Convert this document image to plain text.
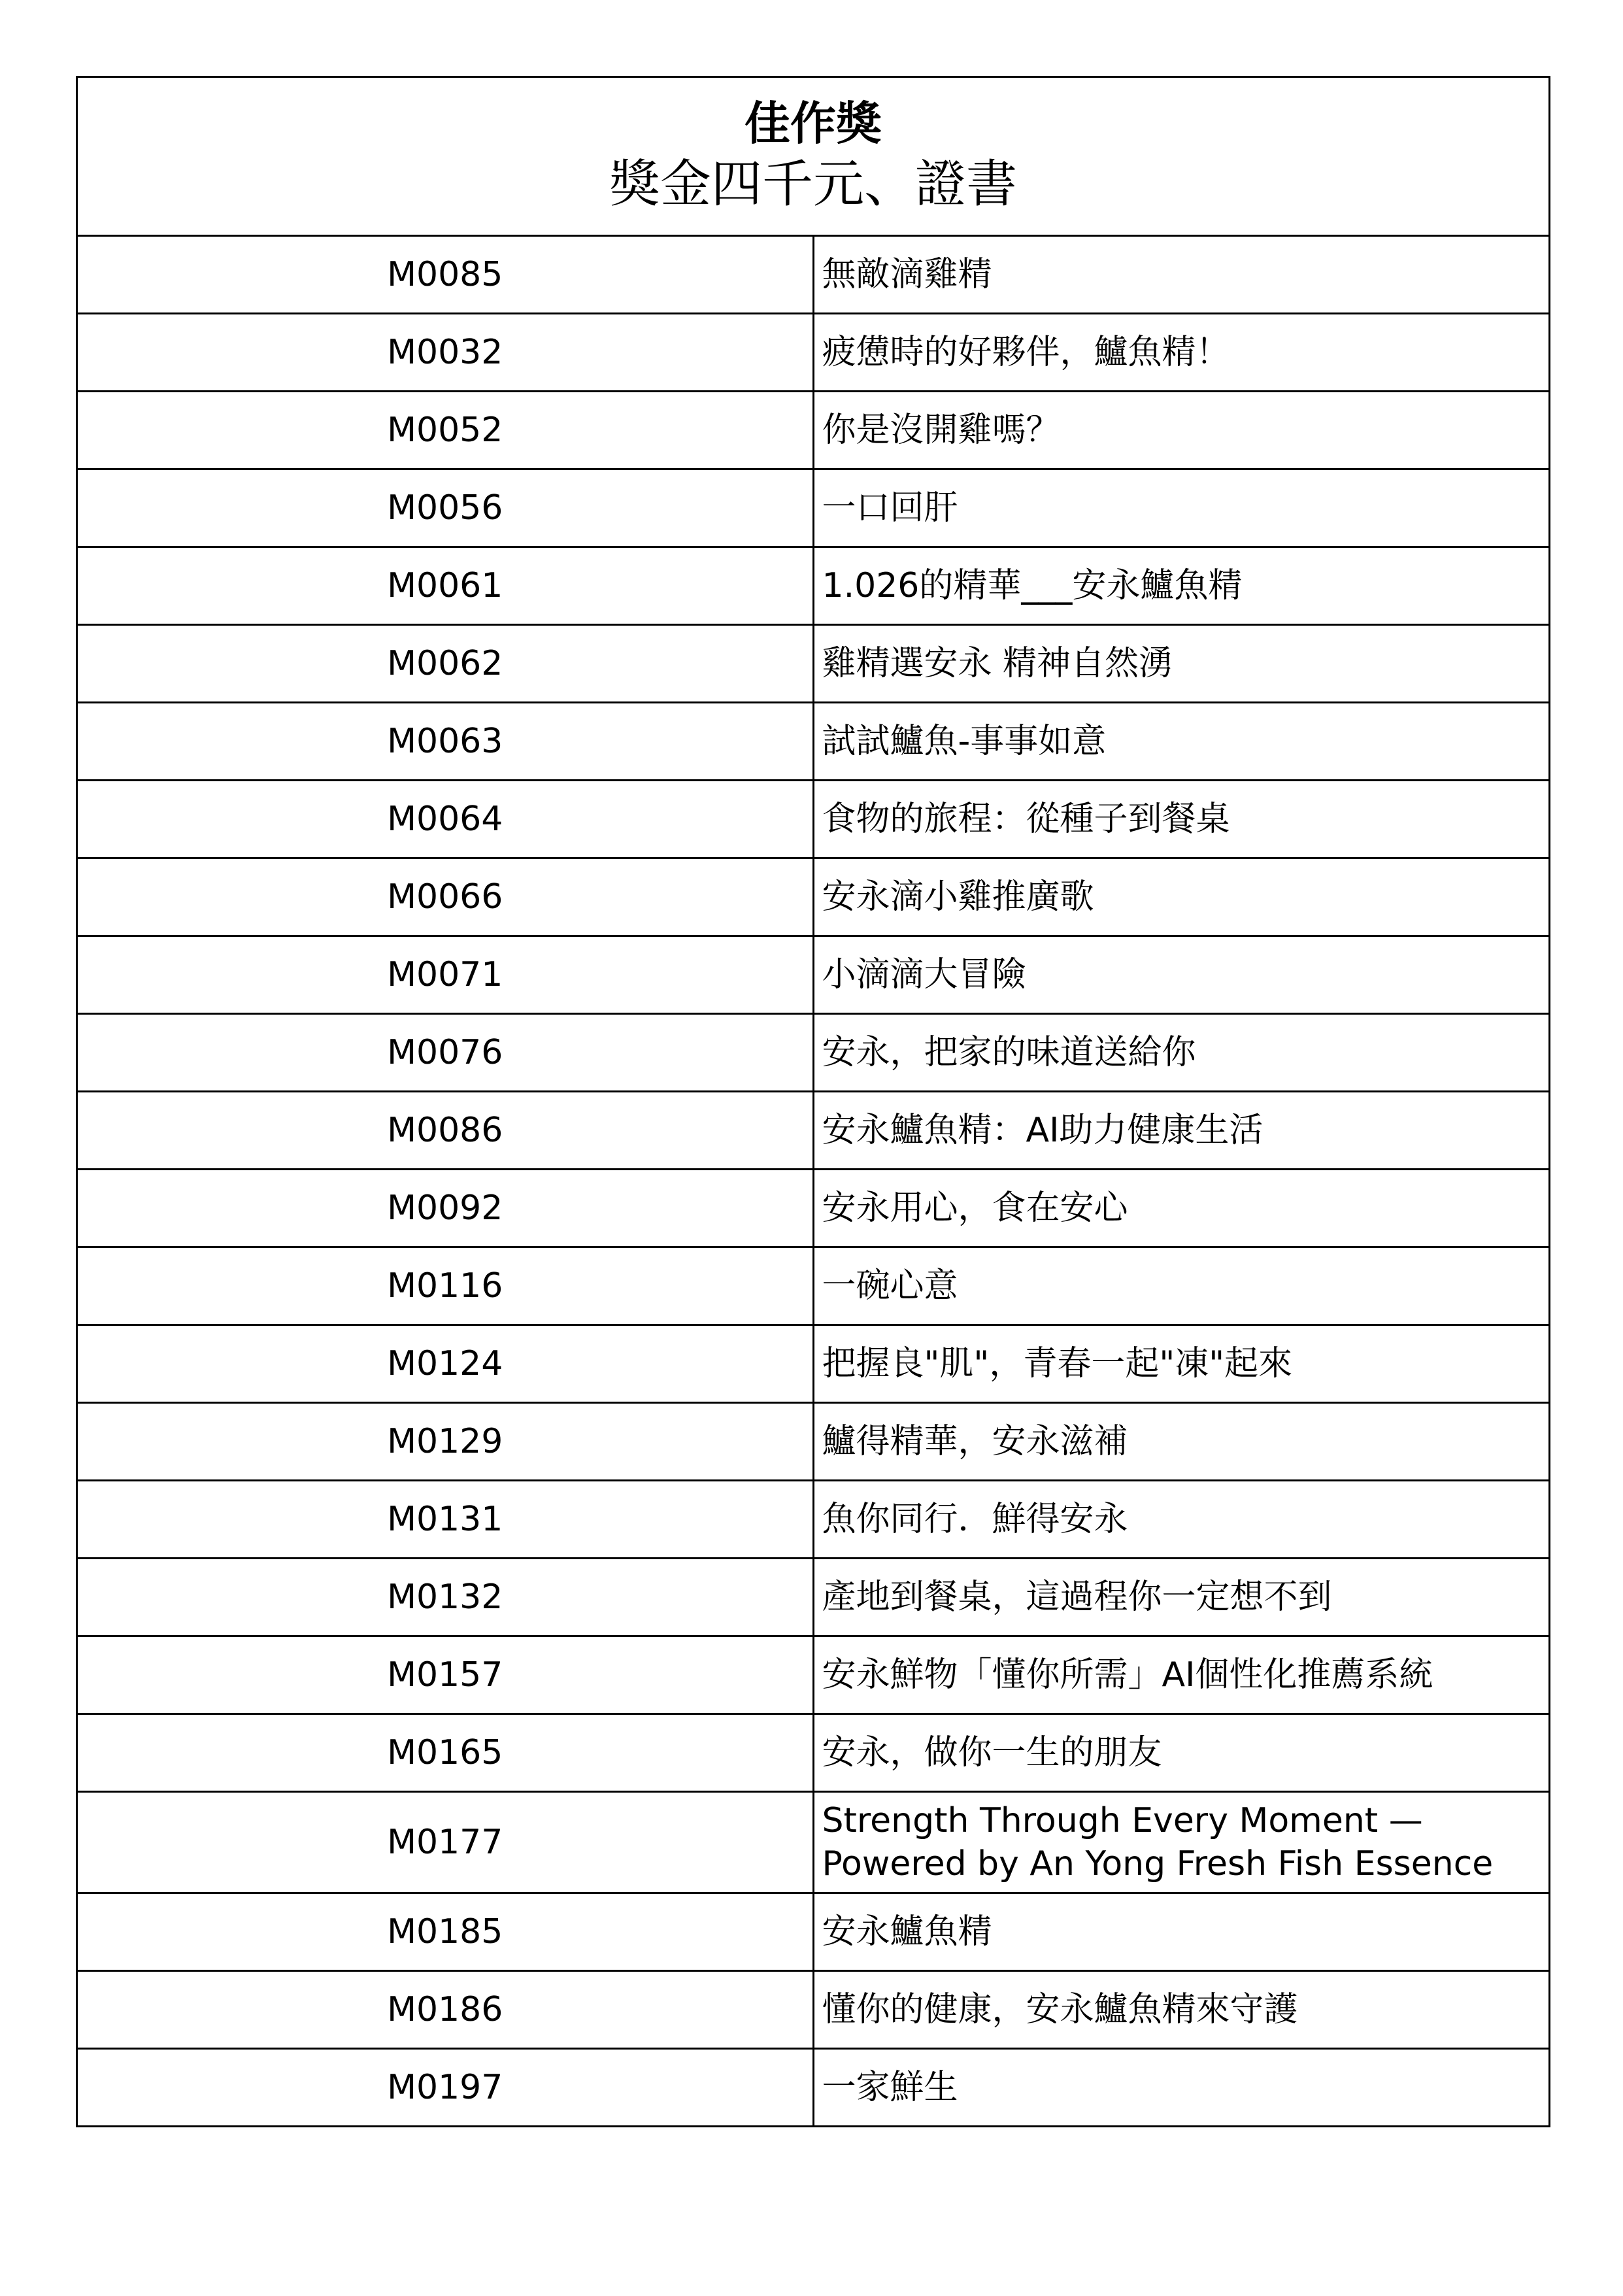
佳作獎
獎金四千元、證書	

M0085	無敵滴雞精
M0032	疲憊時的好夥伴，鱸魚精！
M0052	你是沒開雞嗎？
M0056	一口回肝
M0061	1.026的精華___安永鱸魚精
M0062	雞精選安永 精神自然湧
M0063	試試鱸魚-事事如意
M0064	食物的旅程：從種子到餐桌
M0066	安永滴小雞推廣歌
M0071	小滴滴大冒險
M0076	安永，把家的味道送給你
M0086	安永鱸魚精：AI助力健康生活
M0092	安永用心，食在安心
M0116	一碗心意
M0124	把握良"肌"，青春一起"凍"起來
M0129	鱸得精華，安永滋補
M0131	魚你同行．鮮得安永
M0132	產地到餐桌，這過程你一定想不到
M0157	安永鮮物「懂你所需」AI個性化推薦系統
M0165	安永，做你一生的朋友
M0177	Strength Through Every Moment — Powered by An Yong Fresh Fish Essence
M0185	安永鱸魚精
M0186	懂你的健康，安永鱸魚精來守護
M0197	一家鮮生
